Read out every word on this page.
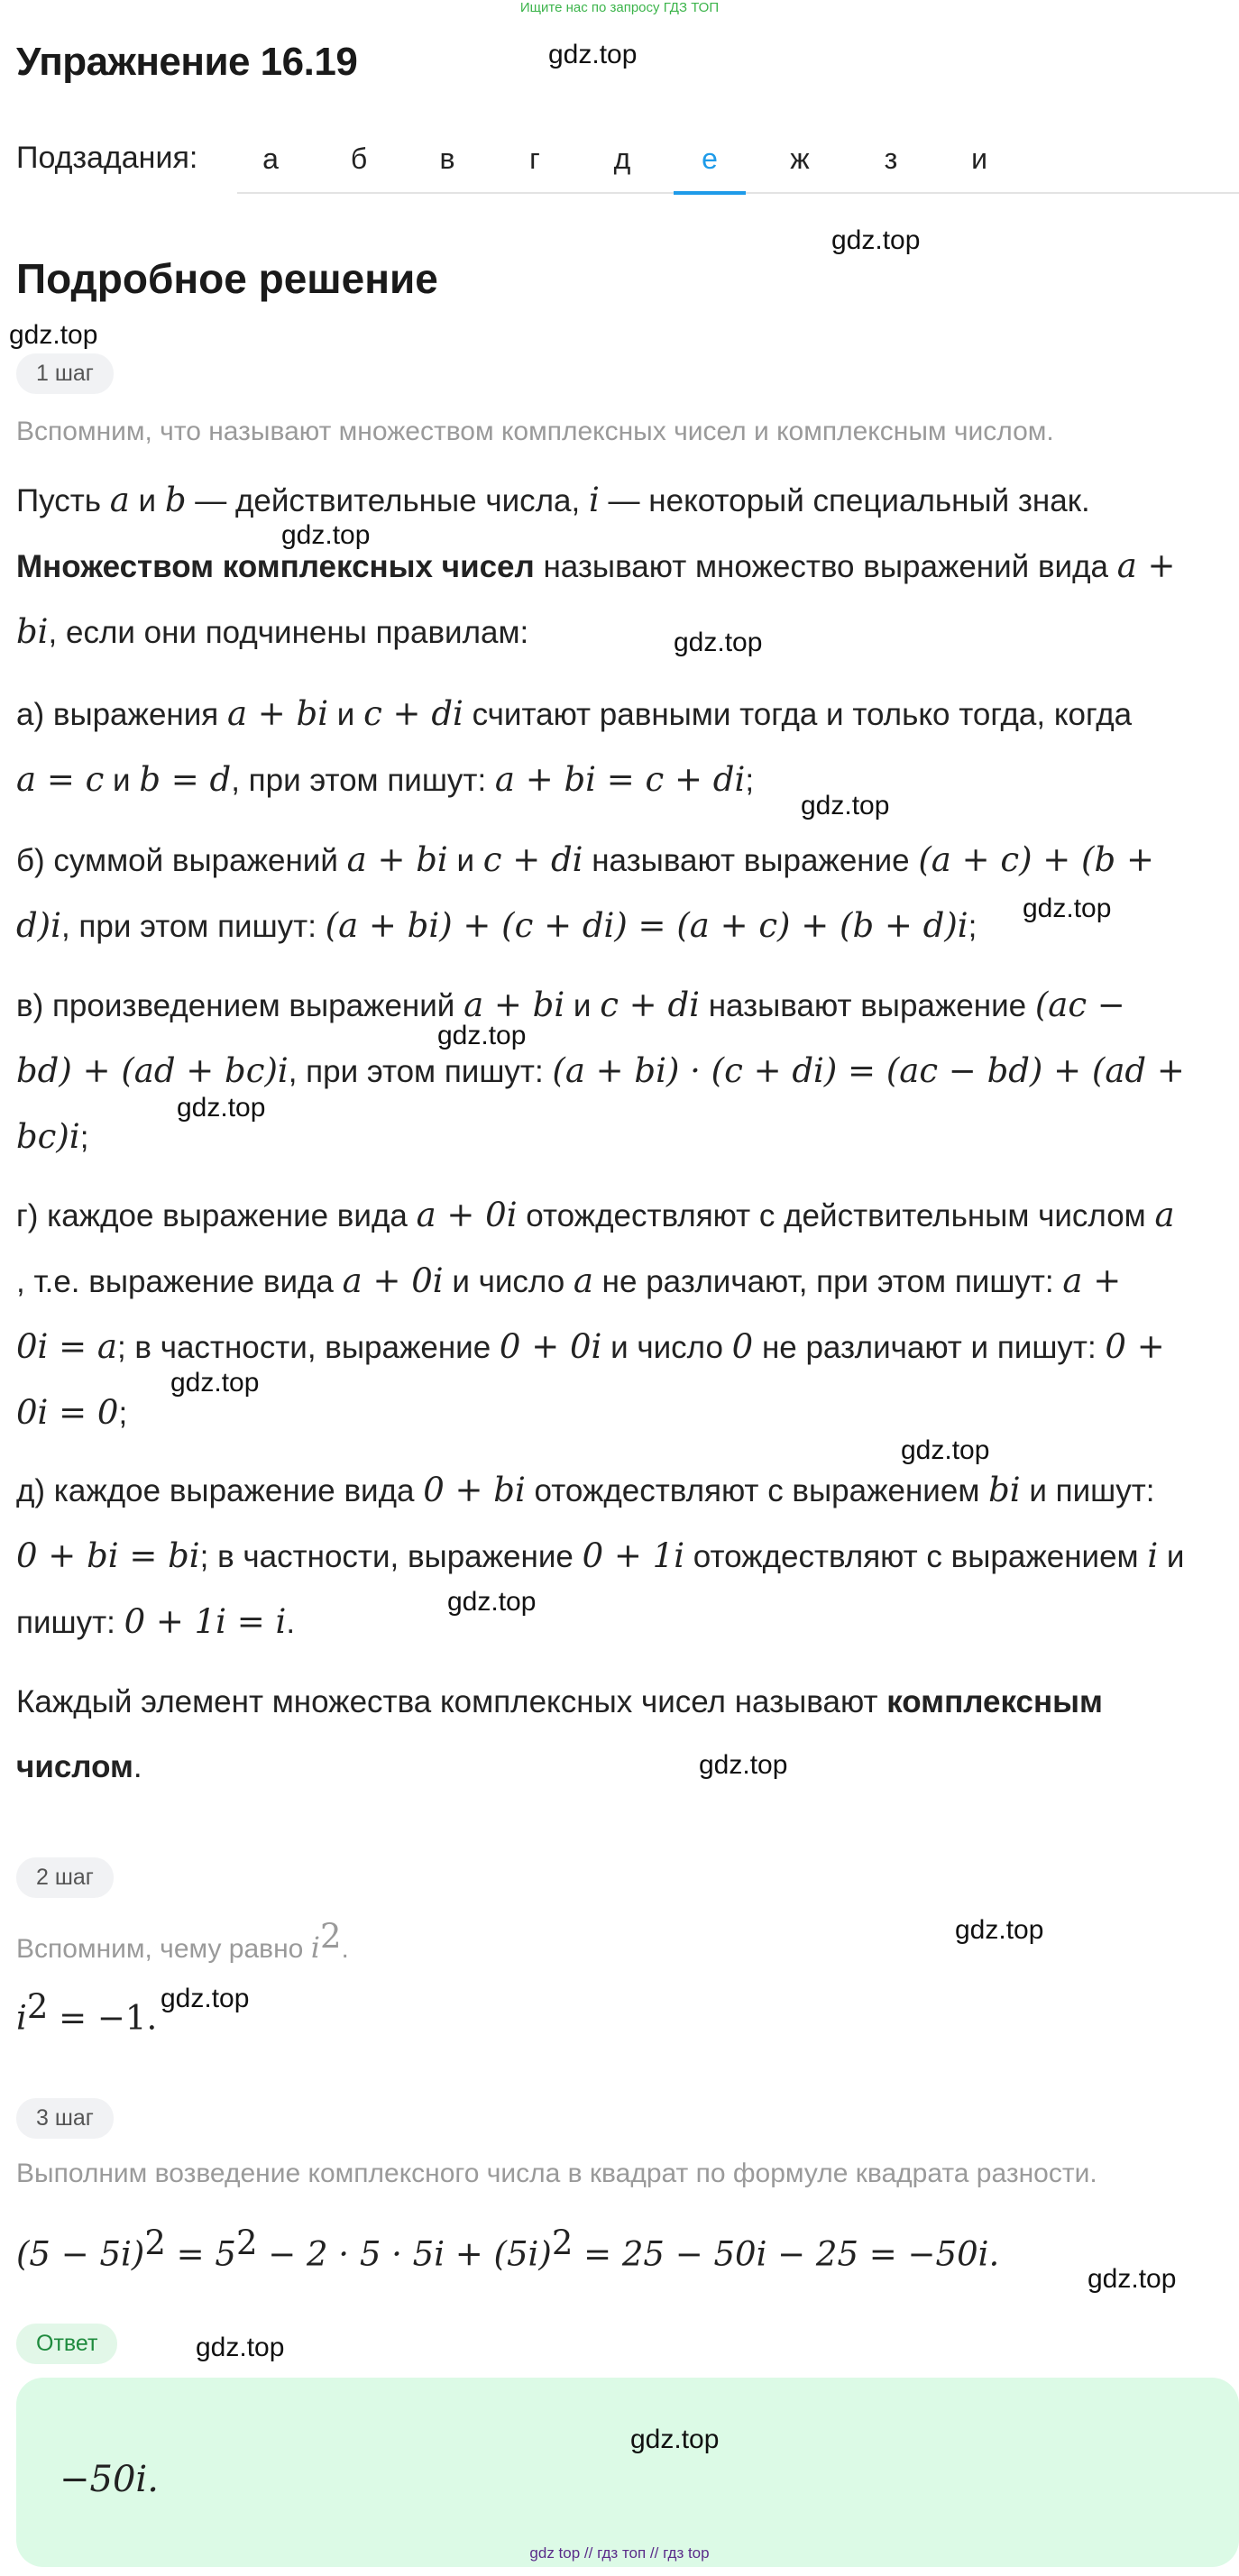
Ищите нас по запросу ГДЗ ТОП
Упражнение 16.19
Подзадания:	а	б	в	г	д	е	ж	з	и
Подробное решение
1 шаг
Вспомним, что называют множеством комплексных чисел и комплексным числом.
Пусть a и b — действительные числа, i — некоторый специальный знак.
Множеством комплексных чисел называют множество выражений вида a +
bi, если они подчинены правилам:
а) выражения a + bi и c + di считают равными тогда и только тогда, когда
a = c и b = d, при этом пишут: a + bi = c + di;
б) суммой выражений a + bi и c + di называют выражение (a + c) + (b +
d)i, при этом пишут: (a + bi) + (c + di) = (a + c) + (b + d)i;
в) произведением выражений a + bi и c + di называют выражение (ac −
bd) + (ad + bc)i, при этом пишут: (a + bi) · (c + di) = (ac − bd) + (ad +
bc)i;
г) каждое выражение вида a + 0i отождествляют с действительным числом a
, т.е. выражение вида a + 0i и число a не различают, при этом пишут: a +
0i = a; в частности, выражение 0 + 0i и число 0 не различают и пишут: 0 +
0i = 0;
д) каждое выражение вида 0 + bi отождествляют с выражением bi и пишут:
0 + bi = bi; в частности, выражение 0 + 1i отождествляют с выражением i и
пишут: 0 + 1i = i.
Каждый элемент множества комплексных чисел называют комплексным
числом.
2 шаг
Вспомним, чему равно $i^2$.
$i^2 = -1$.
3 шаг
Выполним возведение комплексного числа в квадрат по формуле квадрата разности.
$(5 - 5i)^2 = 5^2 - 2 \cdot 5 \cdot 5i + (5i)^2 = 25 - 50i - 25 = -50i$.
Ответ
−50i.
gdz.top
gdz.top
gdz.top
gdz.top
gdz.top
gdz.top
gdz.top
gdz.top
gdz.top
gdz.top
gdz.top
gdz.top
gdz.top
gdz.top
gdz.top
gdz.top
gdz.top
gdz.top
gdz top // гдз топ // гдз top
